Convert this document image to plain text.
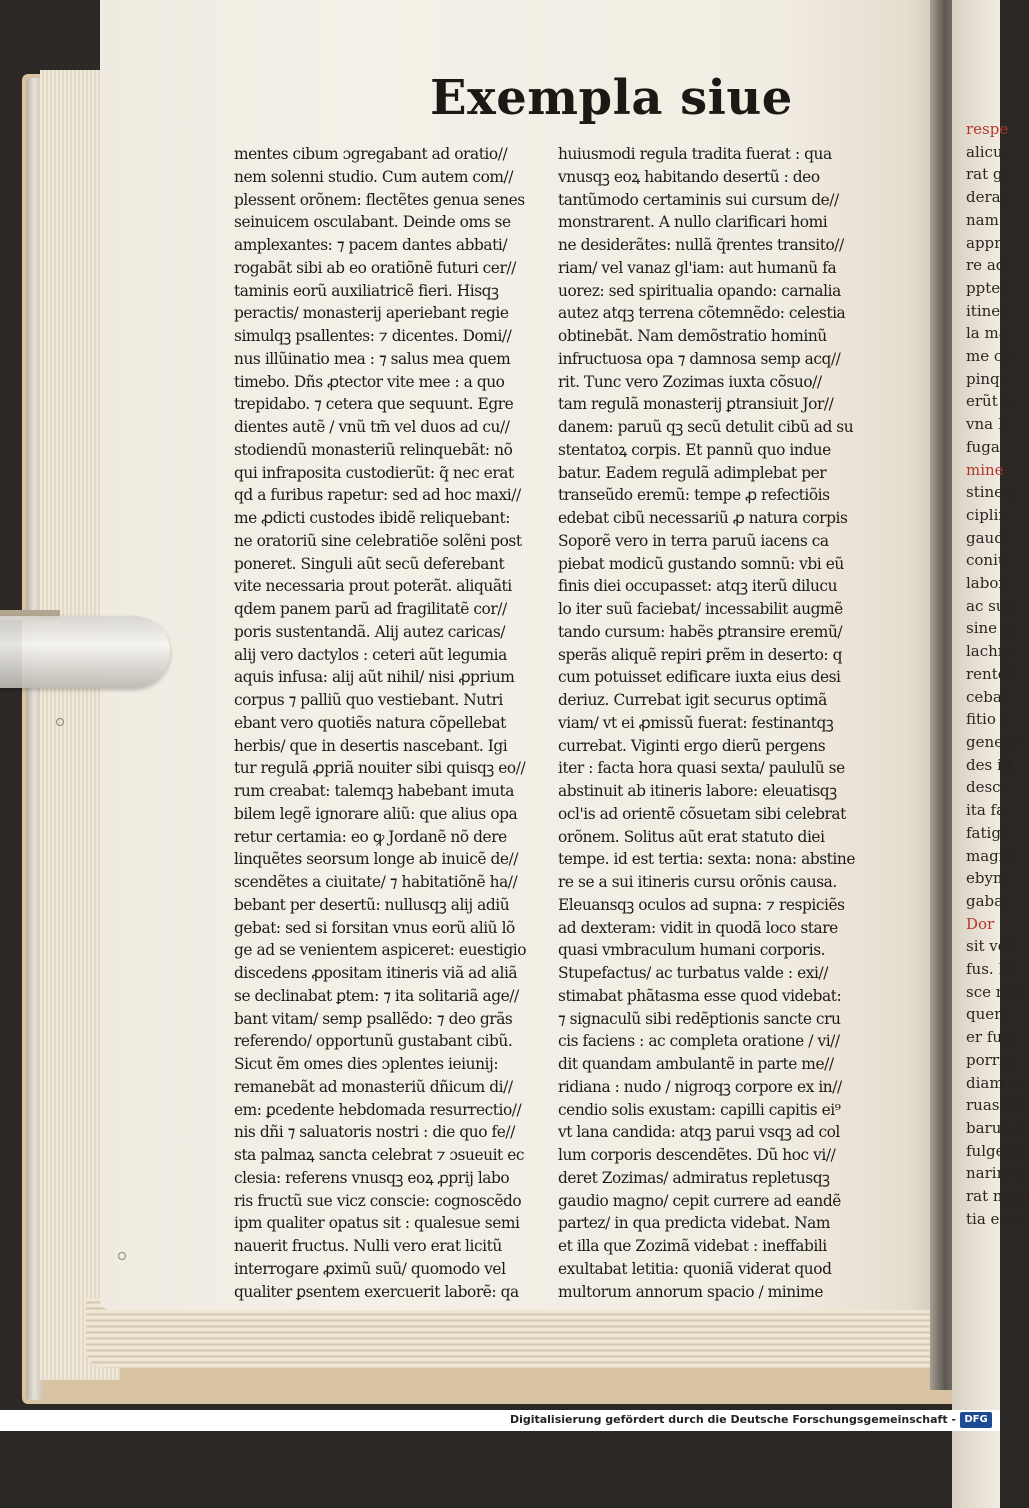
respe
alicu
rat g
derat
nam.
appr
re ad
ppter
itiner
la ma
me cũ
pinqu
erũt a
vna D
fuga
mine
stine n
ciplin
gaud
coniu
labor
ac sua
sine m
lachry
rentes
cebat
fitio a
genere
des ill
desce
ita fa
fatiga
magis
ebym
gabat
Dor
sit voc
fus. Ig
sce mih
querc
er fum
porrig
diam re
ruas ad
barus f
fulgens
narim p
rat necp
tia ei ru
Exempla siue
mentes cibum ɔgregabant ad oratio//
nem solenni studio. Cum autem com//
plessent orõnem: flectẽtes genua senes
seinuicem osculabant. Deinde oms se
amplexantes: ⁊ pacem dantes abbati/
rogabãt sibi ab eo oratiõnẽ futuri cer//
taminis eorũ auxiliatricẽ fieri. Hisqꝫ
peractis/ monasterij aperiebant regie
simulqꝫ psallentes: ⁊ dicentes. Domi//
nus illũinatio mea : ⁊ salus mea quem
timebo. Dñs ꝓtector vite mee : a quo
trepidabo. ⁊ cetera que sequunt. Egre
dientes autẽ / vnũ tm̃ vel duos ad cu//
stodiendũ monasteriũ relinquebãt: nõ
qui infraposita custodierũt: q̃ nec erat
qd a furibus rapetur: sed ad hoc maxi//
me ꝓdicti custodes ibidẽ reliquebant:
ne oratoriũ sine celebratiõe solẽni post
poneret. Singuli aũt secũ deferebant
vite necessaria prout poterãt. aliquãti
qdem panem parũ ad fragilitatẽ cor//
poris sustentandã. Alij autez caricas/
alij vero dactylos : ceteri aũt legumia
aquis infusa: alij aũt nihil/ nisi ꝓprium
corpus ⁊ palliũ quo vestiebant. Nutri
ebant vero quotiẽs natura cõpellebat
herbis/ que in desertis nascebant. Igi
tur regulã ꝓpriã nouiter sibi quisqꝫ eo//
rum creabat: talemqꝫ habebant imuta
bilem legẽ ignorare aliũ: que alius opa
retur certamia: eo ꝙ Jordanẽ nõ dere
linquẽtes seorsum longe ab inuicẽ de//
scendẽtes a ciuitate/ ⁊ habitatiõnẽ ha//
bebant per desertũ: nullusqꝫ alij adiũ
gebat: sed si forsitan vnus eorũ aliũ lõ
ge ad se venientem aspiceret: euestigio
discedens ꝓpositam itineris viã ad aliã
se declinabat ꝑtem: ⁊ ita solitariã age//
bant vitam/ semp psallẽdo: ⁊ deo grãs
referendo/ opportunũ gustabant cibũ.
Sicut ẽm omes dies ɔplentes ieiunij:
remanebãt ad monasteriũ dñicum di//
em: ꝑcedente hebdomada resurrectio//
nis dñi ⁊ saluatoris nostri : die quo fe//
sta palmaꝝ sancta celebrat ⁊ ɔsueuit ec
clesia: referens vnusqꝫ eoꝝ ꝓprij labo
ris fructũ sue vicz conscie: cognoscẽdo
ipm qualiter opatus sit : qualesue semi
nauerit fructus. Nulli vero erat licitũ
interrogare ꝓximũ suũ/ quomodo vel
qualiter ꝑsentem exercuerit laborẽ: qa
huiusmodi regula tradita fuerat : qua
vnusqꝫ eoꝝ habitando desertũ : deo
tantũmodo certaminis sui cursum de//
monstrarent. A nullo clarificari homi
ne desiderãtes: nullã q̃rentes transito//
riam/ vel vanaz gl'iam: aut humanũ fa
uorez: sed spiritualia opando: carnalia
autez atqꝫ terrena cõtemnẽdo: celestia
obtinebãt. Nam demõstratio hominũ
infructuosa opa ⁊ damnosa semp acq//
rit. Tunc vero Zozimas iuxta cõsuo//
tam regulã monasterij ꝑtransiuit Jor//
danem: paruũ qꝫ secũ detulit cibũ ad su
stentatoꝝ corpis. Et pannũ quo indue
batur. Eadem regulã adimplebat per
transeũdo eremũ: tempe ꝓ refectiõis
edebat cibũ necessariũ ꝓ natura corpis
Soporẽ vero in terra paruũ iacens ca
piebat modicũ gustando somnũ: vbi eũ
finis diei occupasset: atqꝫ iterũ dilucu
lo iter suũ faciebat/ incessabilit augmẽ
tando cursum: habẽs ꝑtransire eremũ/
sperãs aliquẽ repiri ꝑrẽm in deserto: q
cum potuisset edificare iuxta eius desi
deriuz. Currebat igit securus optimã
viam/ vt ei ꝓmissũ fuerat: festinantqꝫ
currebat. Viginti ergo dierũ pergens
iter : facta hora quasi sexta/ paululũ se
abstinuit ab itineris labore: eleuatisqꝫ
ocl'is ad orientẽ cõsuetam sibi celebrat
orõnem. Solitus aũt erat statuto diei
tempe. id est tertia: sexta: nona: abstine
re se a sui itineris cursu orõnis causa.
Eleuansqꝫ oculos ad supna: ⁊ respiciẽs
ad dexteram: vidit in quodã loco stare
quasi vmbraculum humani corporis.
Stupefactus/ ac turbatus valde : exi//
stimabat phãtasma esse quod videbat:
⁊ signaculũ sibi redẽptionis sancte cru
cis faciens : ac completa oratione / vi//
dit quandam ambulantẽ in parte me//
ridiana : nudo / nigroqꝫ corpore ex in//
cendio solis exustam: capilli capitis ei⁹
vt lana candida: atqꝫ parui vsqꝫ ad col
lum corporis descendẽtes. Dũ hoc vi//
deret Zozimas/ admiratus repletusqꝫ
gaudio magno/ cepit currere ad eandẽ
partez/ in qua predicta videbat. Nam
et illa que Zozimã videbat : ineffabili
exultabat letitia: quoniã viderat quod
multorum annorum spacio / minime
Digitalisierung gefördert durch die Deutsche Forschungsgemeinschaft - DFG
